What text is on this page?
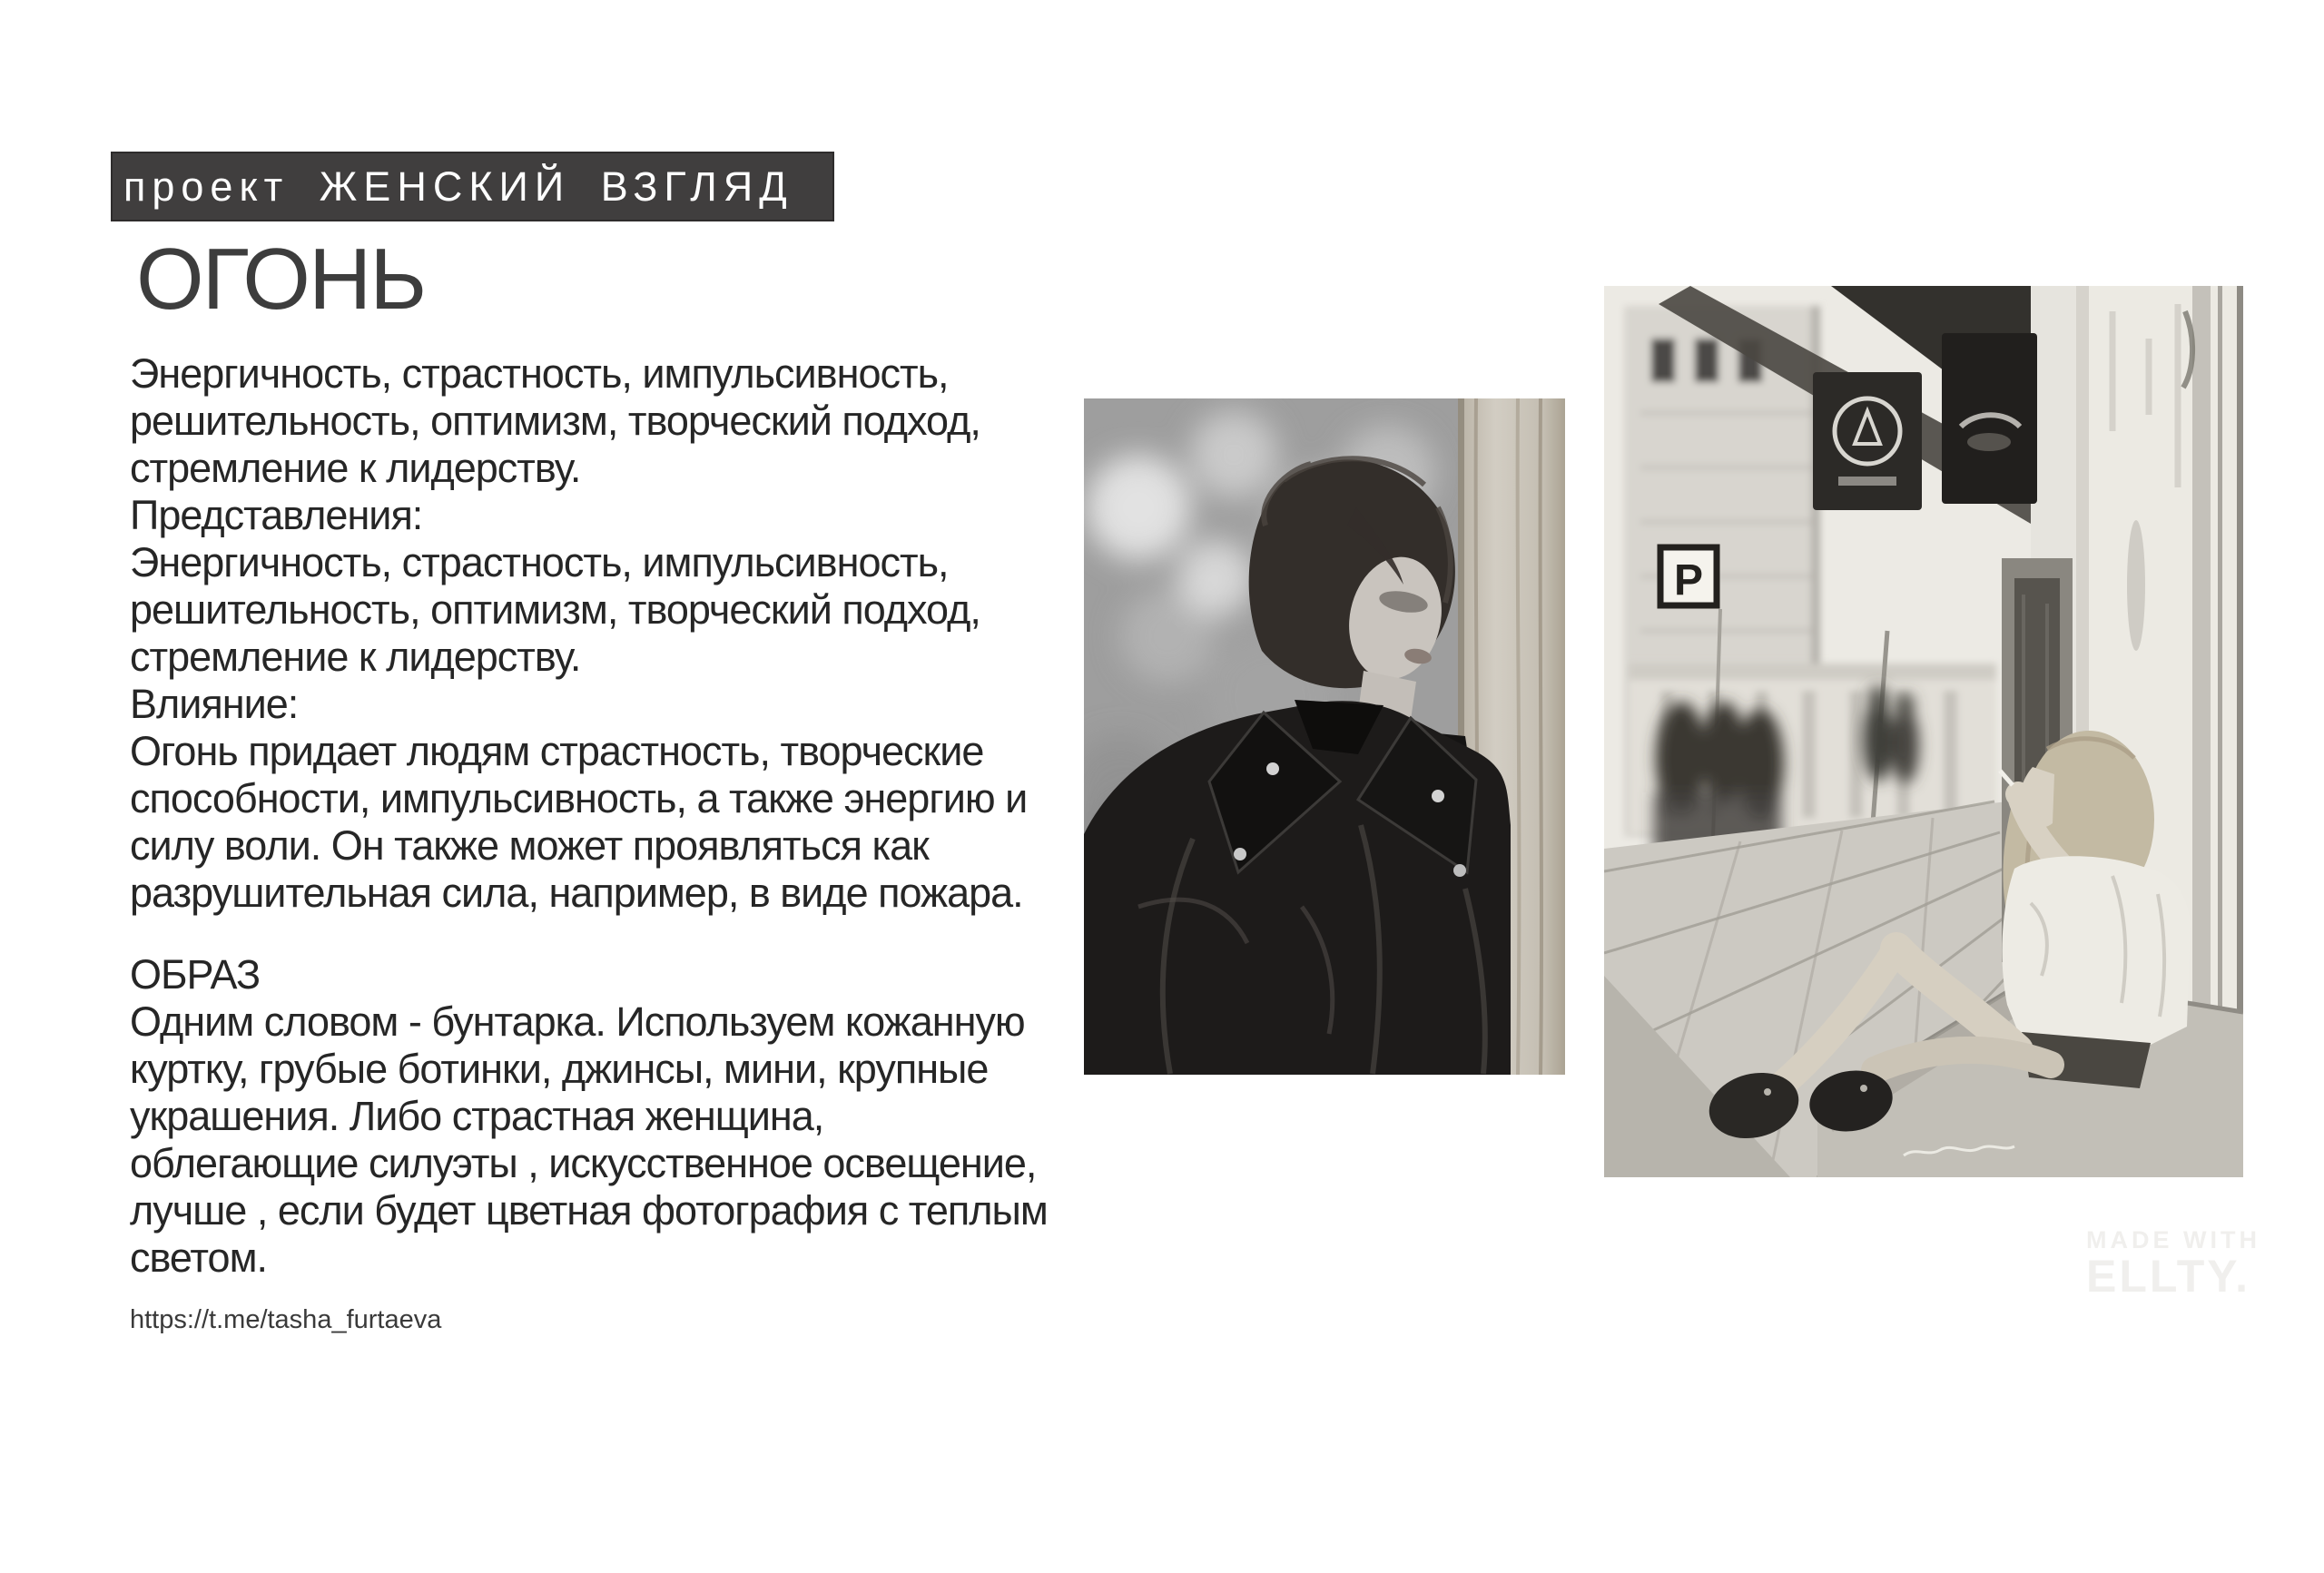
проект ЖЕНСКИЙ ВЗГЛЯД
ОГОНЬ
Энергичность, страстность, импульсивность,
решительность, оптимизм, творческий подход,
стремление к лидерству.
Представления:
Энергичность, страстность, импульсивность,
решительность, оптимизм, творческий подход,
стремление к лидерству.
Влияние:
Огонь придает людям страстность, творческие
способности, импульсивность, а также энергию и
силу воли. Он также может проявляться как
разрушительная сила, например, в виде пожара.
ОБРАЗ
Одним словом - бунтарка. Используем кожанную
куртку, грубые ботинки, джинсы, мини, крупные
украшения. Либо страстная женщина,
облегающие силуэты , искусственное освещение,
лучше , если будет цветная фотография с теплым
светом.
https://t.me/tasha_furtaeva
P
MADE WITH
ELLTY.
